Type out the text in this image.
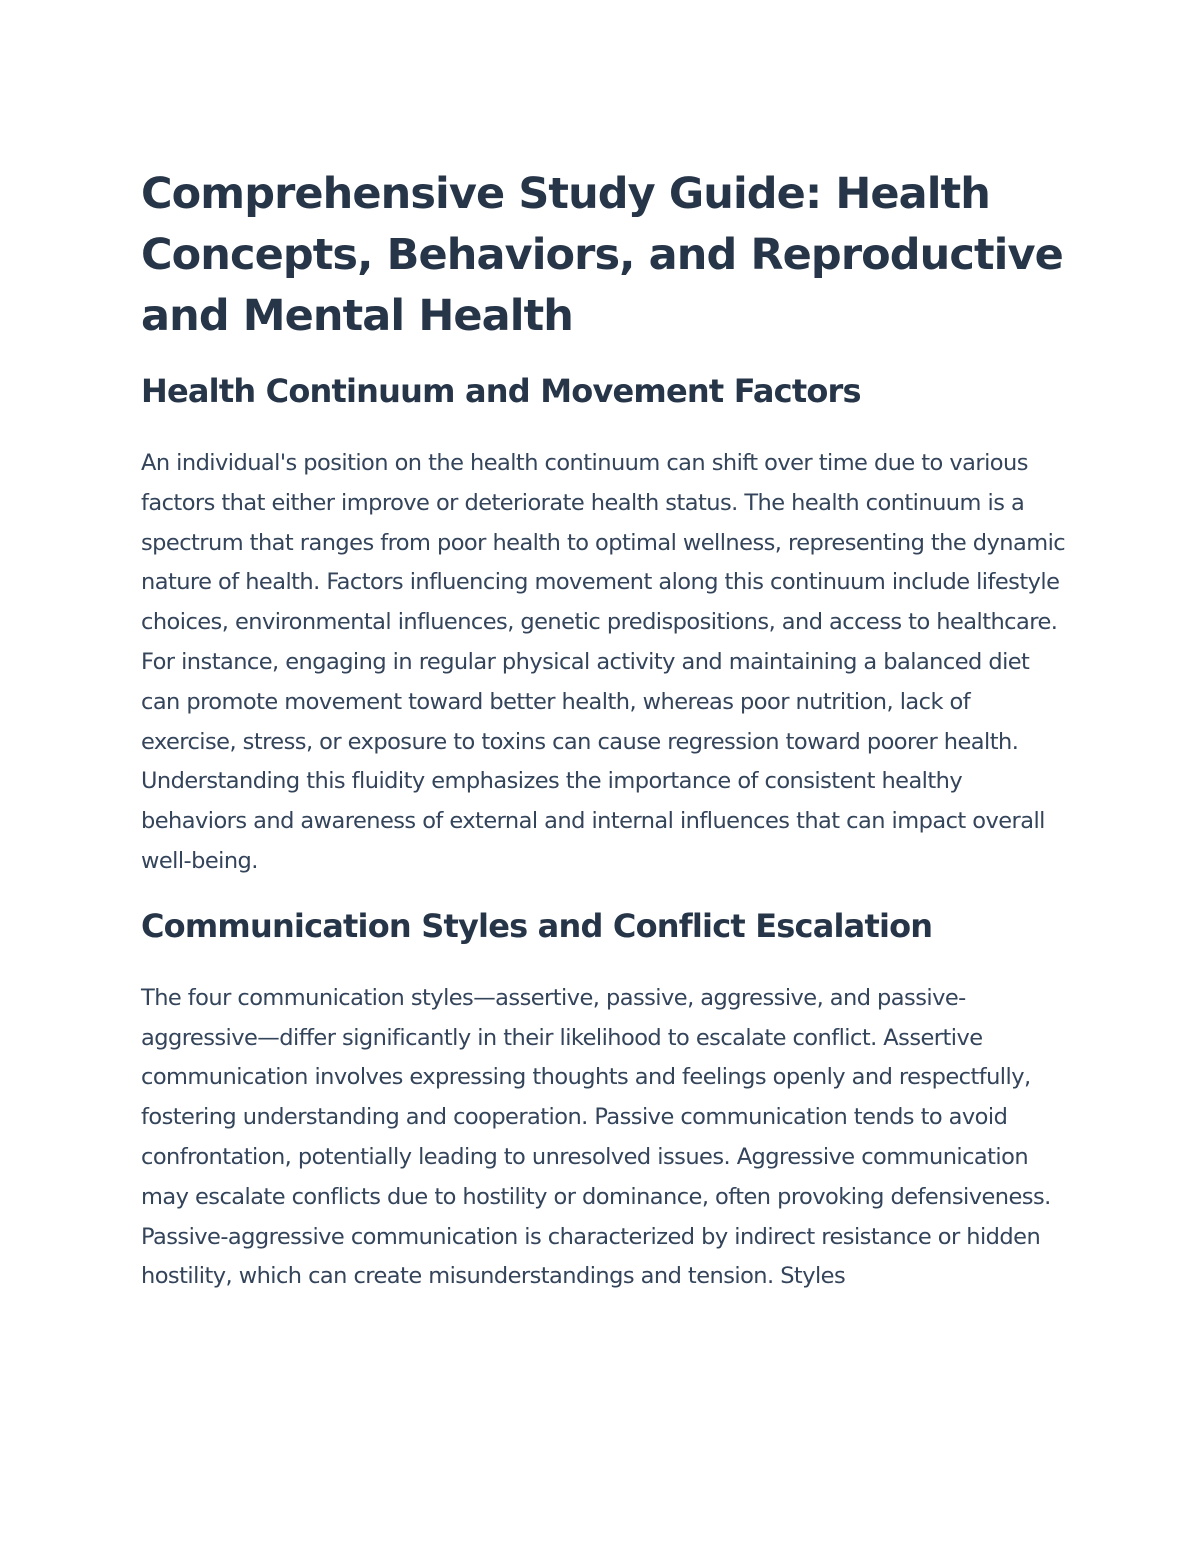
Comprehensive Study Guide: Health Concepts, Behaviors, and Reproductive and Mental Health
Health Continuum and Movement Factors

An individual's position on the health continuum can shift over time due to various factors that either improve or deteriorate health status. The health continuum is a spectrum that ranges from poor health to optimal wellness, representing the dynamic nature of health. Factors influencing movement along this continuum include lifestyle choices, environmental influences, genetic predispositions, and access to healthcare. For instance, engaging in regular physical activity and maintaining a balanced diet can promote movement toward better health, whereas poor nutrition, lack of exercise, stress, or exposure to toxins can cause regression toward poorer health. Understanding this fluidity emphasizes the importance of consistent healthy behaviors and awareness of external and internal influences that can impact overall well-being.

Communication Styles and Conflict Escalation

The four communication styles—assertive, passive, aggressive, and passive-aggressive—differ significantly in their likelihood to escalate conflict. Assertive communication involves expressing thoughts and feelings openly and respectfully, fostering understanding and cooperation. Passive communication tends to avoid confrontation, potentially leading to unresolved issues. Aggressive communication may escalate conflicts due to hostility or dominance, often provoking defensiveness. Passive-aggressive communication is characterized by indirect resistance or hidden hostility, which can create misunderstandings and tension. Styles
